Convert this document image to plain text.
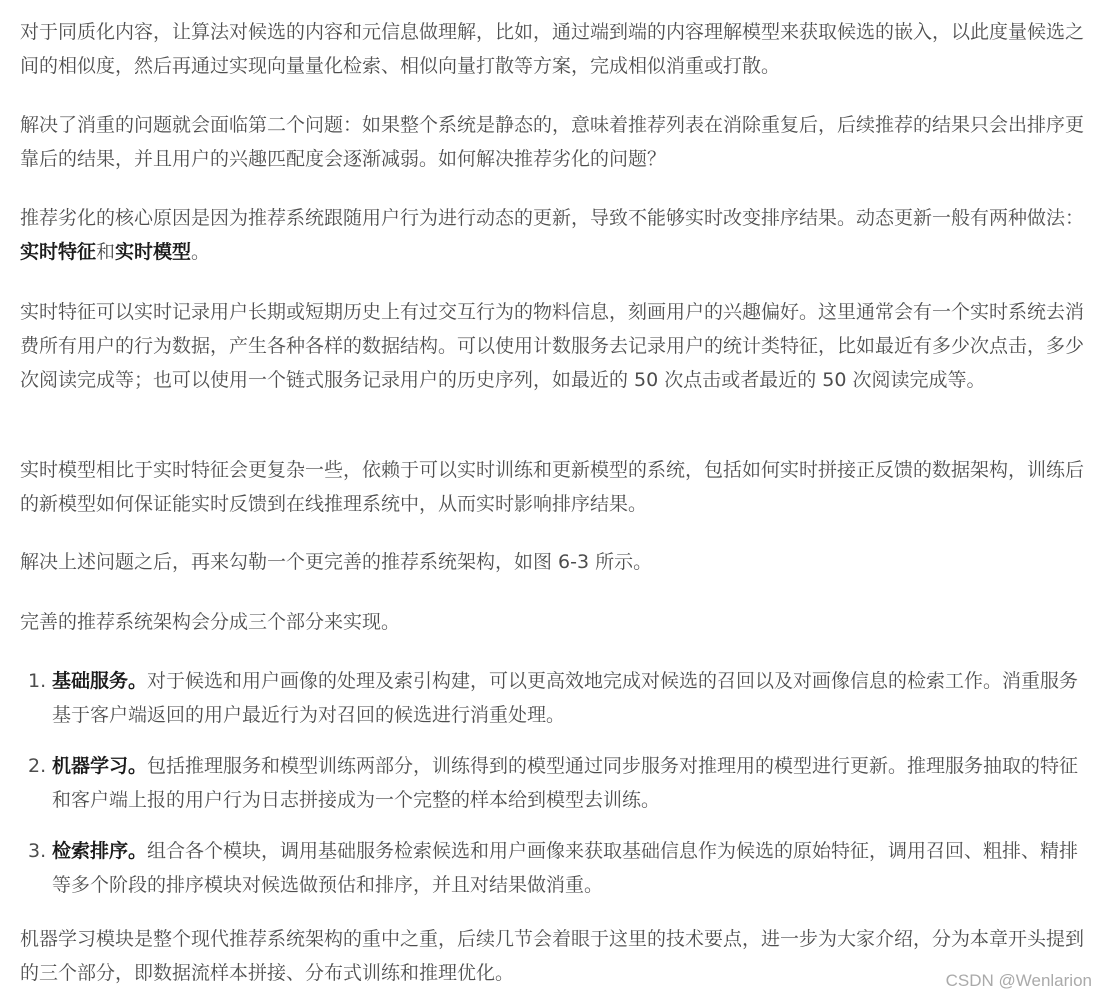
对于同质化内容，让算法对候选的内容和元信息做理解，比如，通过端到端的内容理解模型来获取候选的嵌入，以此度量候选之间的相似度，然后再通过实现向量量化检索、相似向量打散等方案，完成相似消重或打散。

解决了消重的问题就会面临第二个问题：如果整个系统是静态的，意味着推荐列表在消除重复后，后续推荐的结果只会出排序更靠后的结果，并且用户的兴趣匹配度会逐渐减弱。如何解决推荐劣化的问题？

推荐劣化的核心原因是因为推荐系统跟随用户行为进行动态的更新，导致不能够实时改变排序结果。动态更新一般有两种做法：实时特征和实时模型。

实时特征可以实时记录用户长期或短期历史上有过交互行为的物料信息，刻画用户的兴趣偏好。这里通常会有一个实时系统去消费所有用户的行为数据，产生各种各样的数据结构。可以使用计数服务去记录用户的统计类特征，比如最近有多少次点击，多少次阅读完成等；也可以使用一个链式服务记录用户的历史序列，如最近的 50 次点击或者最近的 50 次阅读完成等。

实时模型相比于实时特征会更复杂一些，依赖于可以实时训练和更新模型的系统，包括如何实时拼接正反馈的数据架构，训练后的新模型如何保证能实时反馈到在线推理系统中，从而实时影响排序结果。

解决上述问题之后，再来勾勒一个更完善的推荐系统架构，如图 6-3 所示。

完善的推荐系统架构会分成三个部分来实现。

1. 基础服务。对于候选和用户画像的处理及索引构建，可以更高效地完成对候选的召回以及对画像信息的检索工作。消重服务基于客户端返回的用户最近行为对召回的候选进行消重处理。
2. 机器学习。包括推理服务和模型训练两部分，训练得到的模型通过同步服务对推理用的模型进行更新。推理服务抽取的特征和客户端上报的用户行为日志拼接成为一个完整的样本给到模型去训练。
3. 检索排序。组合各个模块，调用基础服务检索候选和用户画像来获取基础信息作为候选的原始特征，调用召回、粗排、精排等多个阶段的排序模块对候选做预估和排序，并且对结果做消重。

机器学习模块是整个现代推荐系统架构的重中之重，后续几节会着眼于这里的技术要点，进一步为大家介绍，分为本章开头提到的三个部分，即数据流样本拼接、分布式训练和推理优化。	CSDN @Wenlarion
